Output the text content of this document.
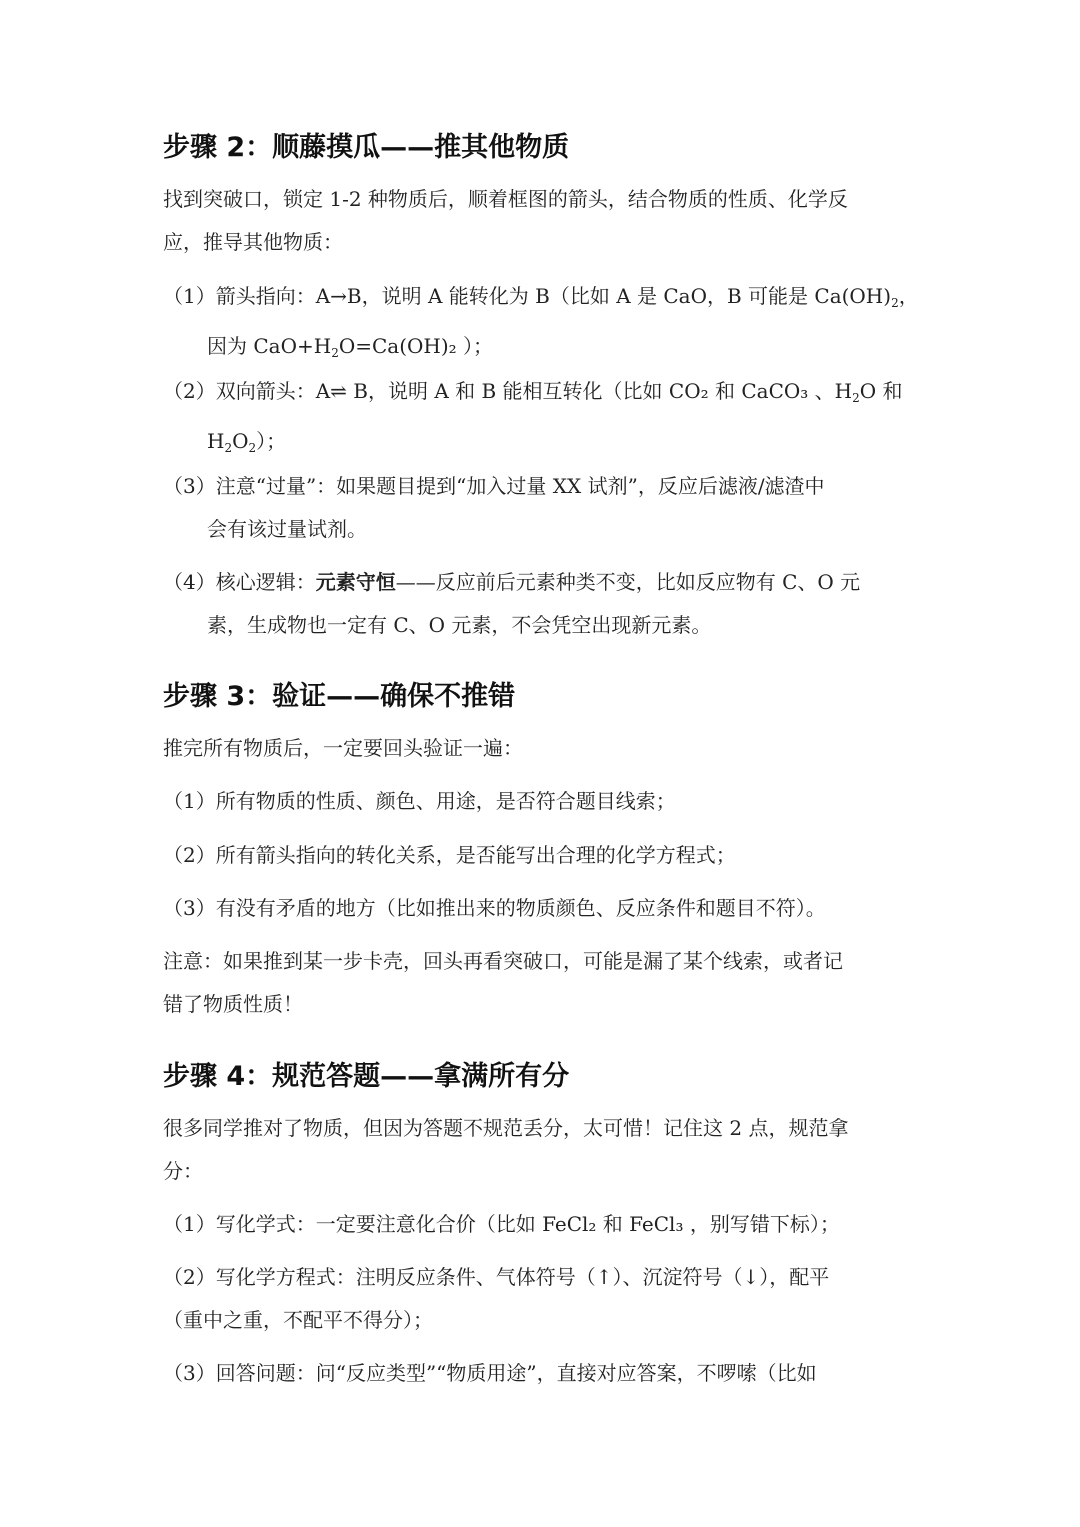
步骤 2：顺藤摸瓜——推其他物质
找到突破口，锁定 1-2 种物质后，顺着框图的箭头，结合物质的性质、化学反
应，推导其他物质：
（1）箭头指向：A→B，说明 A 能转化为 B（比如 A 是 CaO，B 可能是 $Ca(OH)_2$，
因为 $CaO+H_2O=Ca(OH)_2$ ）；
（2）双向箭头：A⇌ B，说明 A 和 B 能相互转化（比如 CO₂ 和 CaCO₃ 、$H_2O$ 和
$H_2O_2$）；
（3）注意“过量”：如果题目提到“加入过量 XX 试剂”，反应后滤液/滤渣中
会有该过量试剂。
（4）核心逻辑：元素守恒——反应前后元素种类不变，比如反应物有 C、O 元
素，生成物也一定有 C、O 元素，不会凭空出现新元素。
步骤 3：验证——确保不推错
推完所有物质后，一定要回头验证一遍：
（1）所有物质的性质、颜色、用途，是否符合题目线索；
（2）所有箭头指向的转化关系，是否能写出合理的化学方程式；
（3）有没有矛盾的地方（比如推出来的物质颜色、反应条件和题目不符）。
注意：如果推到某一步卡壳，回头再看突破口，可能是漏了某个线索，或者记
错了物质性质！
步骤 4：规范答题——拿满所有分
很多同学推对了物质，但因为答题不规范丢分，太可惜！记住这 2 点，规范拿
分：
（1）写化学式：一定要注意化合价（比如 FeCl₂ 和 FeCl₃ ，别写错下标）；
（2）写化学方程式：注明反应条件、气体符号（↑）、沉淀符号（↓），配平
（重中之重，不配平不得分）；
（3）回答问题：问“反应类型”“物质用途”，直接对应答案，不啰嗦（比如
